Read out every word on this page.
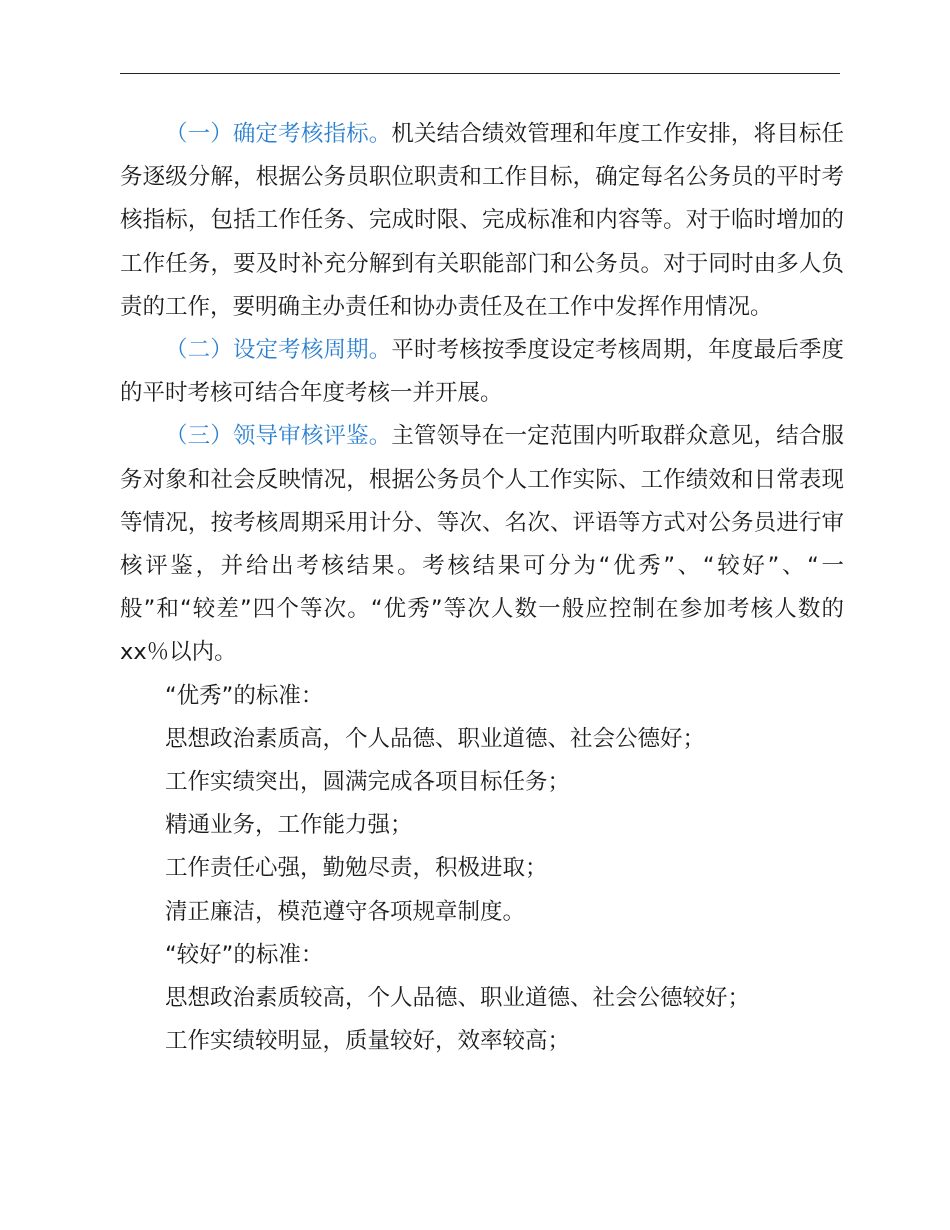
（一）确定考核指标。机关结合绩效管理和年度工作安排，将目标任务逐级分解，根据公务员职位职责和工作目标，确定每名公务员的平时考核指标，包括工作任务、完成时限、完成标准和内容等。对于临时增加的工作任务，要及时补充分解到有关职能部门和公务员。对于同时由多人负责的工作，要明确主办责任和协办责任及在工作中发挥作用情况。

（二）设定考核周期。平时考核按季度设定考核周期，年度最后季度的平时考核可结合年度考核一并开展。

（三）领导审核评鉴。主管领导在一定范围内听取群众意见，结合服务对象和社会反映情况，根据公务员个人工作实际、工作绩效和日常表现等情况，按考核周期采用计分、等次、名次、评语等方式对公务员进行审核评鉴，并给出考核结果。考核结果可分为“优秀”、“较好”、“一般”和“较差”四个等次。“优秀”等次人数一般应控制在参加考核人数的 xx％以内。

“优秀”的标准：

思想政治素质高，个人品德、职业道德、社会公德好；

工作实绩突出，圆满完成各项目标任务；

精通业务，工作能力强；

工作责任心强，勤勉尽责，积极进取；

清正廉洁，模范遵守各项规章制度。

“较好”的标准：

思想政治素质较高，个人品德、职业道德、社会公德较好；

工作实绩较明显，质量较好，效率较高；
